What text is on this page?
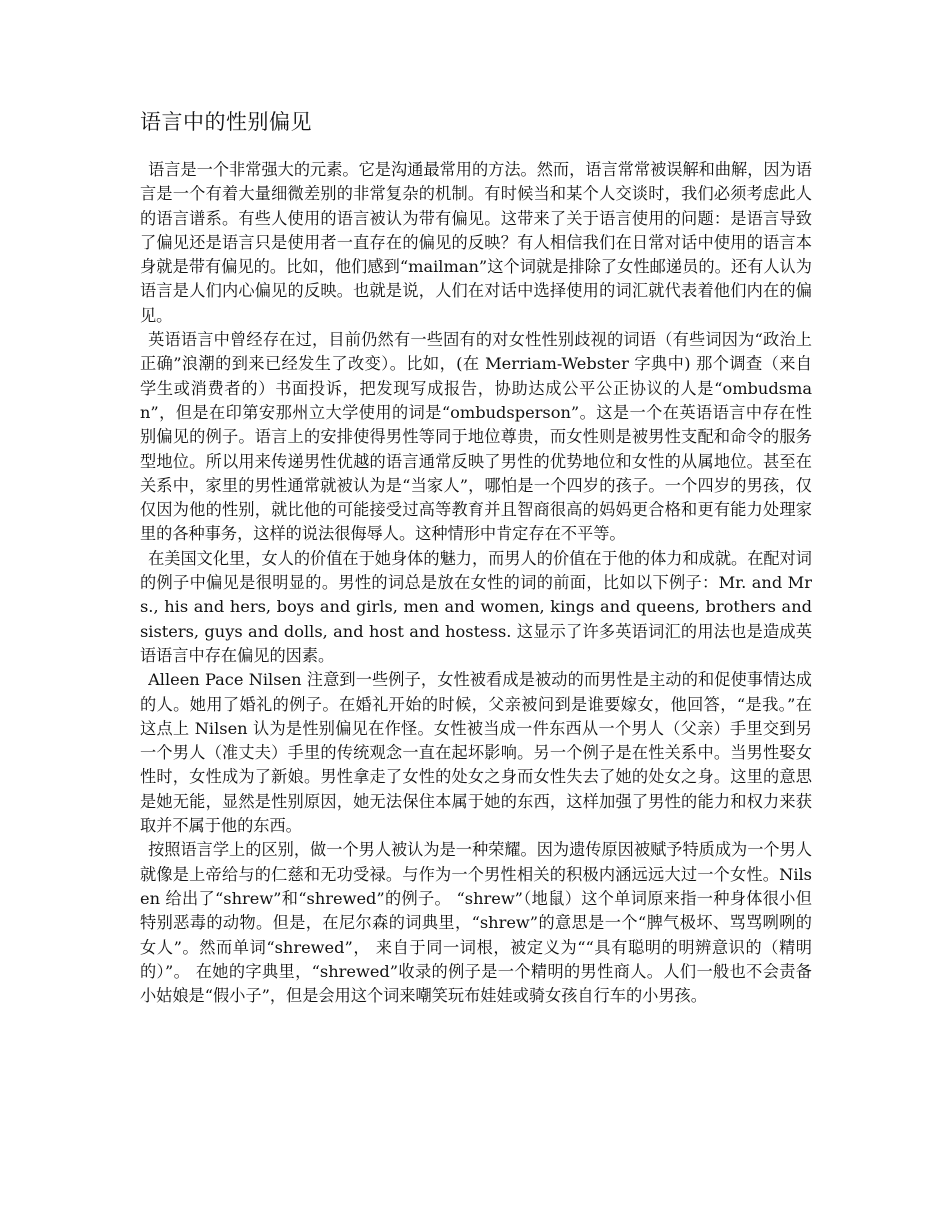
语言中的性别偏见

语言是一个非常强大的元素。它是沟通最常用的方法。然而，语言常常被误解和曲解，因为语言是一个有着大量细微差别的非常复杂的机制。有时候当和某个人交谈时，我们必须考虑此人的语言谱系。有些人使用的语言被认为带有偏见。这带来了关于语言使用的问题：是语言导致了偏见还是语言只是使用者一直存在的偏见的反映？有人相信我们在日常对话中使用的语言本身就是带有偏见的。比如，他们感到“mailman”这个词就是排除了女性邮递员的。还有人认为语言是人们内心偏见的反映。也就是说，人们在对话中选择使用的词汇就代表着他们内在的偏见。

英语语言中曾经存在过，目前仍然有一些固有的对女性性别歧视的词语（有些词因为“政治上正确”浪潮的到来已经发生了改变）。比如，(在 Merriam-Webster 字典中) 那个调查（来自学生或消费者的）书面投诉，把发现写成报告，协助达成公平公正协议的人是“ombudsman”，但是在印第安那州立大学使用的词是“ombudsperson”。这是一个在英语语言中存在性别偏见的例子。语言上的安排使得男性等同于地位尊贵，而女性则是被男性支配和命令的服务型地位。所以用来传递男性优越的语言通常反映了男性的优势地位和女性的从属地位。甚至在关系中，家里的男性通常就被认为是“当家人”，哪怕是一个四岁的孩子。一个四岁的男孩，仅仅因为他的性别，就比他的可能接受过高等教育并且智商很高的妈妈更合格和更有能力处理家里的各种事务，这样的说法很侮辱人。这种情形中肯定存在不平等。

在美国文化里，女人的价值在于她身体的魅力，而男人的价值在于他的体力和成就。在配对词的例子中偏见是很明显的。男性的词总是放在女性的词的前面，比如以下例子：Mr. and Mrs., his and hers, boys and girls, men and women, kings and queens, brothers and sisters, guys and dolls, and host and hostess. 这显示了许多英语词汇的用法也是造成英语语言中存在偏见的因素。

Alleen Pace Nilsen 注意到一些例子，女性被看成是被动的而男性是主动的和促使事情达成的人。她用了婚礼的例子。在婚礼开始的时候，父亲被问到是谁要嫁女，他回答，“是我。”在这点上 Nilsen 认为是性别偏见在作怪。女性被当成一件东西从一个男人（父亲）手里交到另一个男人（准丈夫）手里的传统观念一直在起坏影响。另一个例子是在性关系中。当男性娶女性时，女性成为了新娘。男性拿走了女性的处女之身而女性失去了她的处女之身。这里的意思是她无能，显然是性别原因，她无法保住本属于她的东西，这样加强了男性的能力和权力来获取并不属于他的东西。

按照语言学上的区别，做一个男人被认为是一种荣耀。因为遗传原因被赋予特质成为一个男人就像是上帝给与的仁慈和无功受禄。与作为一个男性相关的积极内涵远远大过一个女性。Nilsen 给出了“shrew”和“shrewed”的例子。 “shrew”（地鼠）这个单词原来指一种身体很小但特别恶毒的动物。但是，在尼尔森的词典里，“shrew”的意思是一个“脾气极坏、骂骂咧咧的女人”。然而单词“shrewed”， 来自于同一词根，被定义为““具有聪明的明辨意识的（精明的）”。 在她的字典里，“shrewed”收录的例子是一个精明的男性商人。人们一般也不会责备小姑娘是“假小子”，但是会用这个词来嘲笑玩布娃娃或骑女孩自行车的小男孩。
